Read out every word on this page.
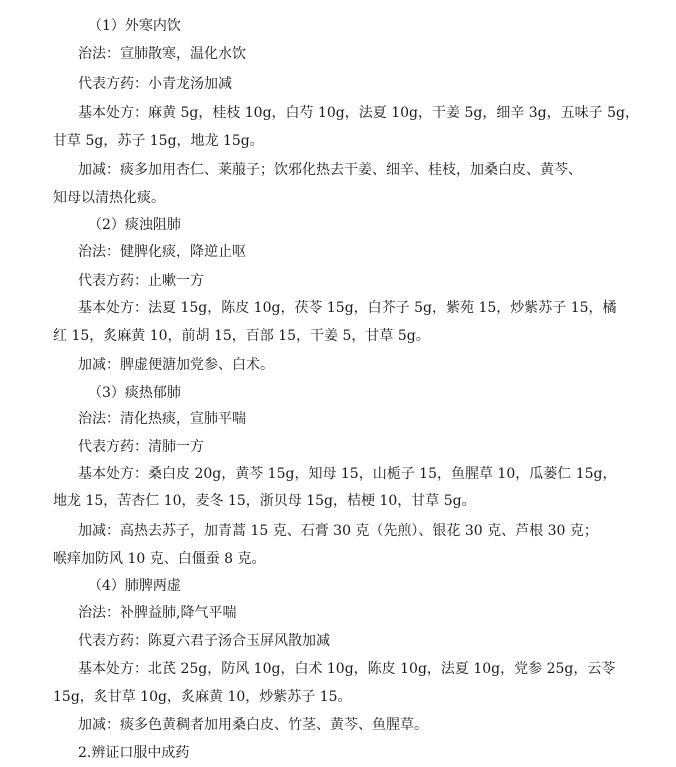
（1）外寒内饮
治法：宣肺散寒，温化水饮
代表方药：小青龙汤加减
基本处方：麻黄 5g，桂枝 10g，白芍 10g，法夏 10g，干姜 5g，细辛 3g，五味子 5g，
甘草 5g，苏子 15g，地龙 15g。
加减：痰多加用杏仁、莱菔子；饮邪化热去干姜、细辛、桂枝，加桑白皮、黄芩、
知母以清热化痰。
（2）痰浊阻肺
治法：健脾化痰，降逆止呕
代表方药：止嗽一方
基本处方：法夏 15g，陈皮 10g，茯苓 15g，白芥子 5g，紫苑 15，炒紫苏子 15，橘
红 15，炙麻黄 10，前胡 15，百部 15，干姜 5，甘草 5g。
加减：脾虚便溏加党参、白术。
（3）痰热郁肺
治法：清化热痰，宣肺平喘
代表方药：清肺一方
基本处方：桑白皮 20g，黄芩 15g，知母 15，山栀子 15，鱼腥草 10，瓜蒌仁 15g，
地龙 15，苦杏仁 10，麦冬 15，浙贝母 15g，桔梗 10，甘草 5g。
加减：高热去苏子，加青蒿 15 克、石膏 30 克（先煎）、银花 30 克、芦根 30 克；
喉痒加防风 10 克、白僵蚕 8 克。
（4）肺脾两虚
治法：补脾益肺,降气平喘
代表方药：陈夏六君子汤合玉屏风散加减
基本处方：北芪 25g，防风 10g，白术 10g，陈皮 10g，法夏 10g，党参 25g，云苓
15g，炙甘草 10g，炙麻黄 10，炒紫苏子 15。
加减：痰多色黄稠者加用桑白皮、竹茎、黄芩、鱼腥草。
2.辨证口服中成药
